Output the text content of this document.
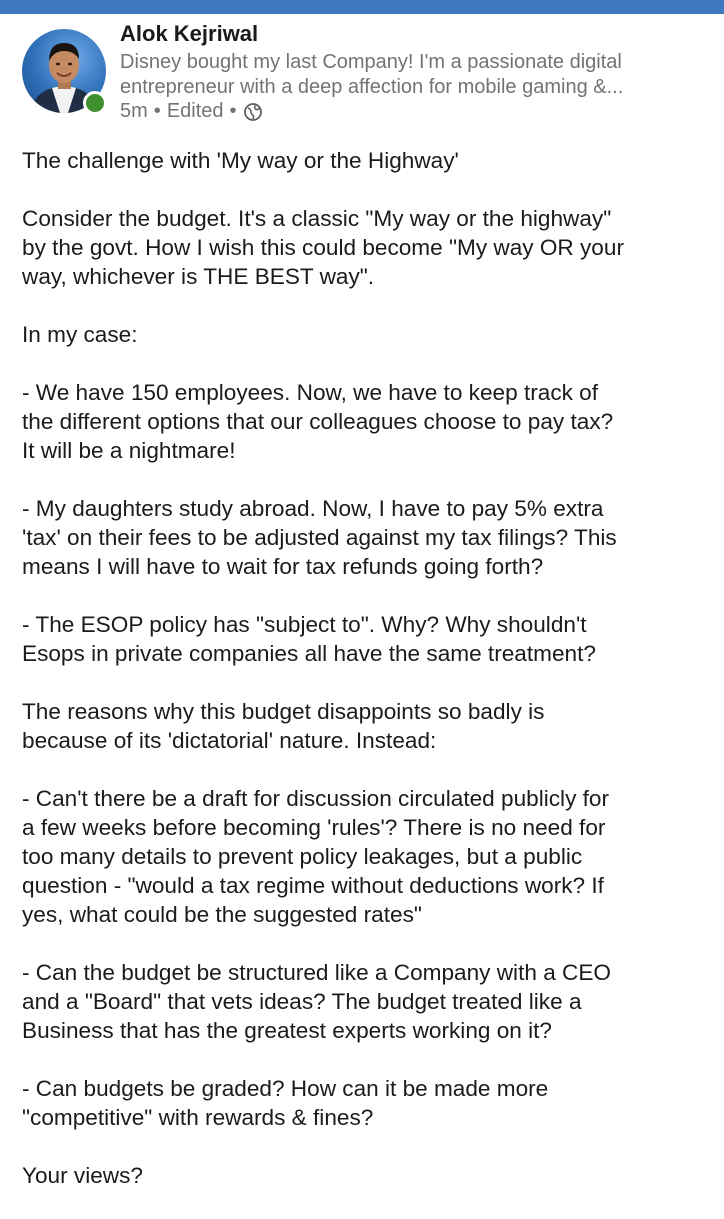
Alok Kejriwal
Disney bought my last Company! I'm a passionate digital
entrepreneur with a deep affection for mobile gaming &...
5m • Edited •

The challenge with 'My way or the Highway'

Consider the budget. It's a classic "My way or the highway"
by the govt. How I wish this could become "My way OR your
way, whichever is THE BEST way".

In my case:

- We have 150 employees. Now, we have to keep track of
the different options that our colleagues choose to pay tax?
It will be a nightmare!

- My daughters study abroad. Now, I have to pay 5% extra
'tax' on their fees to be adjusted against my tax filings? This
means I will have to wait for tax refunds going forth?

- The ESOP policy has "subject to". Why? Why shouldn't
Esops in private companies all have the same treatment?

The reasons why this budget disappoints so badly is
because of its 'dictatorial' nature. Instead:

- Can't there be a draft for discussion circulated publicly for
a few weeks before becoming 'rules'? There is no need for
too many details to prevent policy leakages, but a public
question - "would a tax regime without deductions work? If
yes, what could be the suggested rates"

- Can the budget be structured like a Company with a CEO
and a "Board" that vets ideas? The budget treated like a
Business that has the greatest experts working on it?

- Can budgets be graded? How can it be made more
"competitive" with rewards & fines?

Your views?
